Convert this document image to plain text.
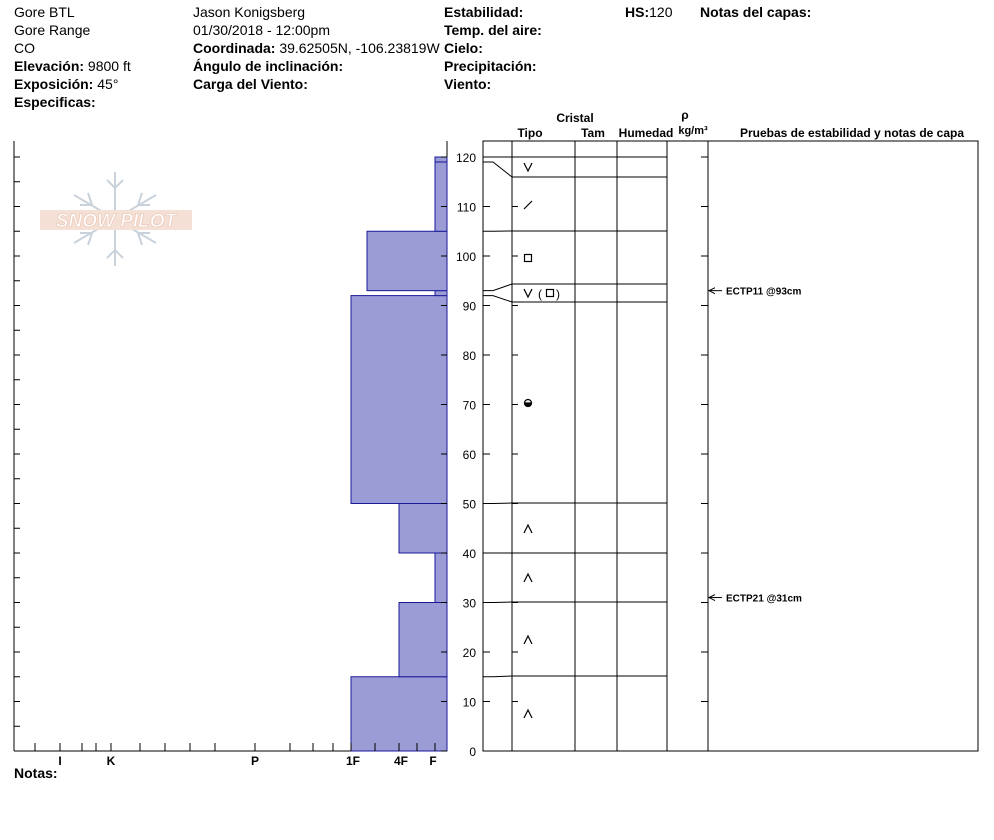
Gore BTL
Gore Range
CO
Elevación: 9800 ft
Exposición: 45°
Especificas:
Jason Konigsberg
01/30/2018 - 12:00pm
Coordinada: 39.62505N, -106.23819W
Ángulo de inclinación:
Carga del Viento:
Estabilidad:
Temp. del aire:
Cielo:
Precipitación:
Viento:
HS:120 Notas del capas:
SNOW PILOT
I	K	P	1F	4F F
Cristal
Tipo	Tam Humedad
ρ
kg/m³	Pruebas de estabilidad y notas de capa
0
10
20
30
40
50
60
70
80
90
100
110
120
( )	ECTP11 @93cm
ECTP21 @31cm
Notas:
